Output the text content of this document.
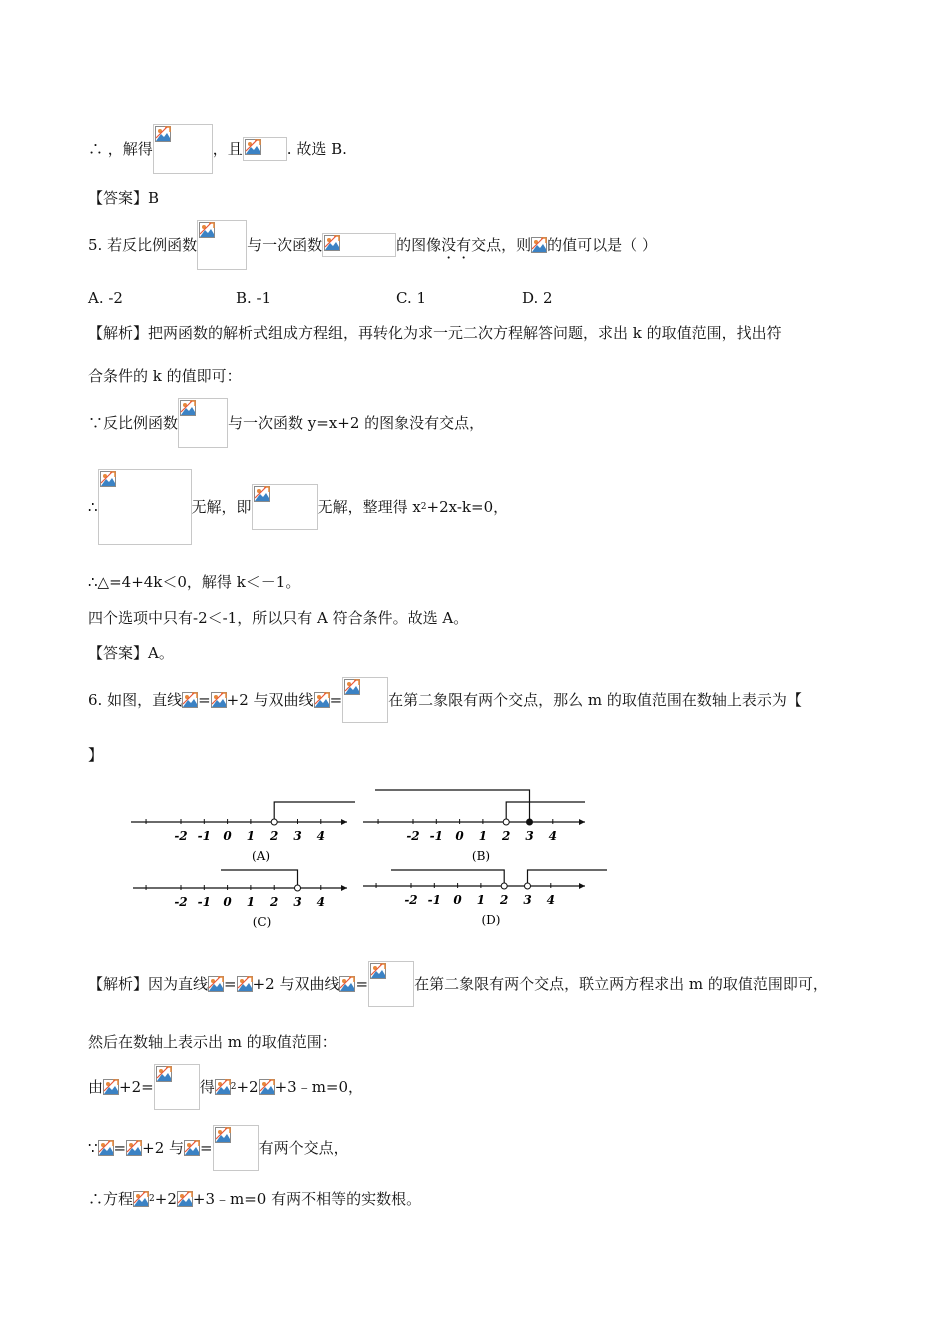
∴ ，解得	，且	. 故选 B.
【答案】B
5. 若反比例函数	与一次函数	的图像没有交点，则 的值可以是（ ）
A. -2	B. -1	C. 1	D. 2
【解析】把两函数的解析式组成方程组，再转化为求一元二次方程解答问题，求出 k 的取值范围，找出符
合条件的 k 的值即可：
∵反比例函数	与一次函数 y=x+2 的图象没有交点，
∴	无解，即	无解，整理得 x2+2x-k=0，
∴△=4+4k＜0，解得 k＜－1。
四个选项中只有-2＜-1，所以只有 A 符合条件。故选 A。
【答案】A。
6. 如图，直线 = +2 与双曲线 =	在第二象限有两个交点，那么 m 的取值范围在数轴上表示为【
】
-2 -1 0 1 2 3 4
(A)
-2 -1 0 1 2 3 4
(B)
-2 -1 0 1 2 3 4
(C)
-2 -1 0 1 2 3 4
(D)
【解析】因为直线 = +2 与双曲线 =	在第二象限有两个交点，联立两方程求出 m 的取值范围即可，
然后在数轴上表示出 m 的取值范围：
由 +2=	得 2+2 +3﹣m=0，
∵ = +2 与 =	有两个交点，
∴方程 2+2 +3﹣m=0 有两不相等的实数根。
